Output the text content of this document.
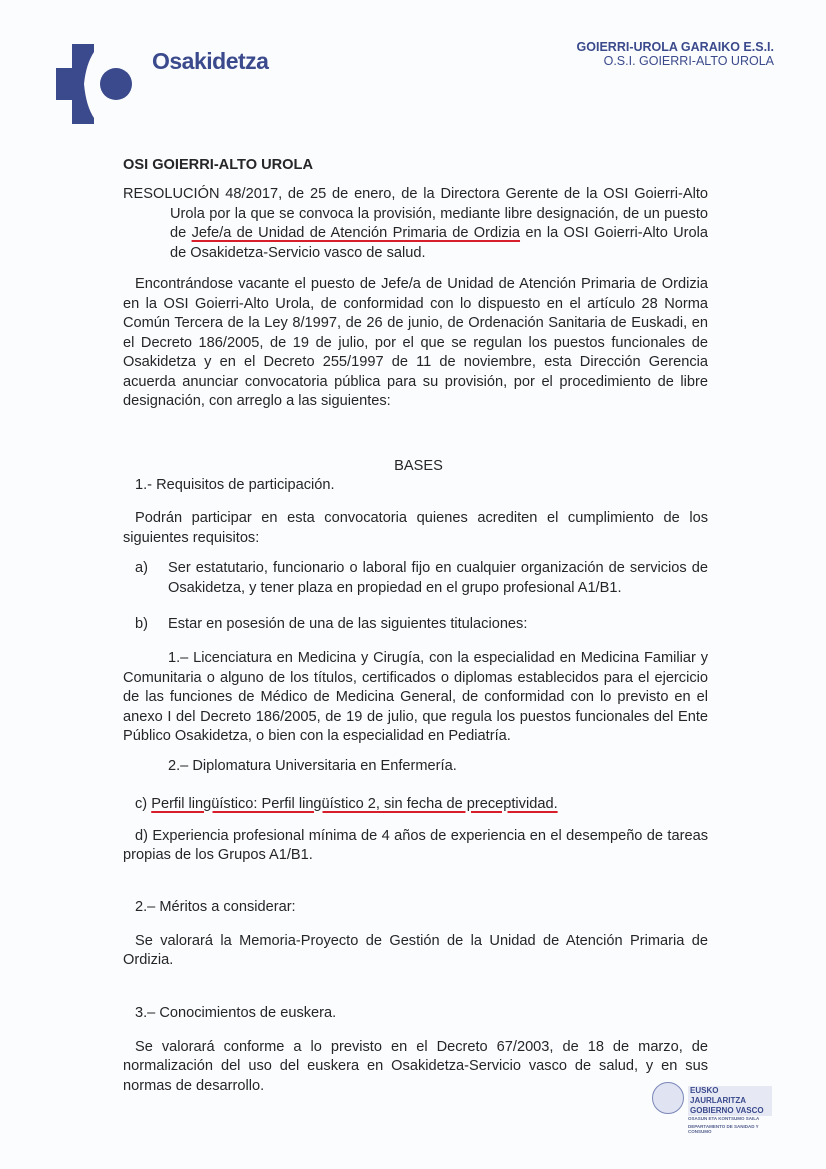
Osakidetza
GOIERRI-UROLA GARAIKO E.S.I.
O.S.I. GOIERRI-ALTO UROLA
OSI GOIERRI-ALTO UROLA
RESOLUCIÓN 48/2017, de 25 de enero, de la Directora Gerente de la OSI Goierri-Alto Urola por la que se convoca la provisión, mediante libre designación, de un puesto de Jefe/a de Unidad de Atención Primaria de Ordizia en la OSI Goierri-Alto Urola de Osakidetza-Servicio vasco de salud.
Encontrándose vacante el puesto de Jefe/a de Unidad de Atención Primaria de Ordizia en la OSI Goierri-Alto Urola, de conformidad con lo dispuesto en el artículo 28 Norma Común Tercera de la Ley 8/1997, de 26 de junio, de Ordenación Sanitaria de Euskadi, en el Decreto 186/2005, de 19 de julio, por el que se regulan los puestos funcionales de Osakidetza y en el Decreto 255/1997 de 11 de noviembre, esta Dirección Gerencia acuerda anunciar convocatoria pública para su provisión, por el procedimiento de libre designación, con arreglo a las siguientes:
BASES
1.- Requisitos de participación.
Podrán participar en esta convocatoria quienes acrediten el cumplimiento de los siguientes requisitos:
a)	Ser estatutario, funcionario o laboral fijo en cualquier organización de servicios de Osakidetza, y tener plaza en propiedad en el grupo profesional A1/B1.
b)	Estar en posesión de una de las siguientes titulaciones:
1.– Licenciatura en Medicina y Cirugía, con la especialidad en Medicina Familiar y Comunitaria o alguno de los títulos, certificados o diplomas establecidos para el ejercicio de las funciones de Médico de Medicina General, de conformidad con lo previsto en el anexo I del Decreto 186/2005, de 19 de julio, que regula los puestos funcionales del Ente Público Osakidetza, o bien con la especialidad en Pediatría.
2.– Diplomatura Universitaria en Enfermería.
c) Perfil lingüístico: Perfil lingüístico 2, sin fecha de preceptividad.
d) Experiencia profesional mínima de 4 años de experiencia en el desempeño de tareas propias de los Grupos A1/B1.
2.– Méritos a considerar:
Se valorará la Memoria-Proyecto de Gestión de la Unidad de Atención Primaria de Ordizia.
3.– Conocimientos de euskera.
Se valorará conforme a lo previsto en el Decreto 67/2003, de 18 de marzo, de normalización del uso del euskera en Osakidetza-Servicio vasco de salud, y en sus normas de desarrollo.	EUSKO JAURLARITZA
GOBIERNO VASCO
OSASUN ETA KONTSUMO SAILA
DEPARTAMENTO DE SANIDAD Y CONSUMO
